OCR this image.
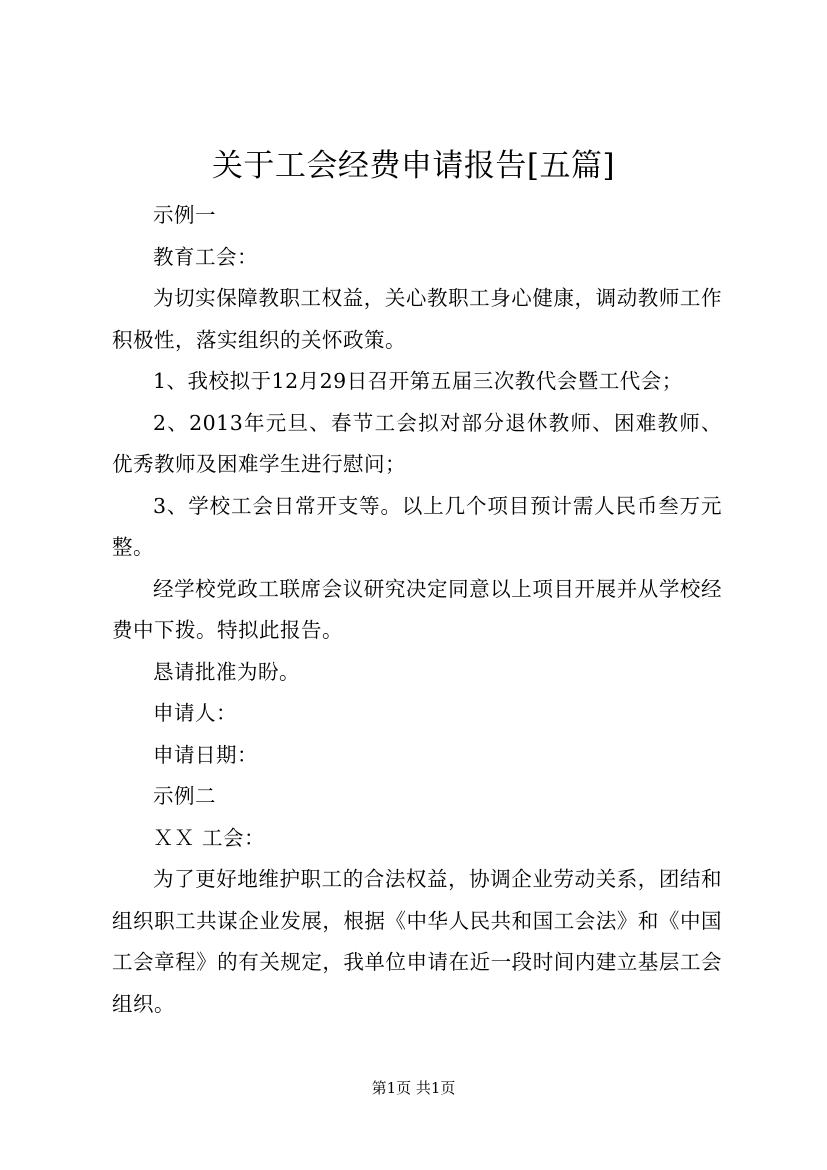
关于工会经费申请报告[五篇]

示例一

教育工会：

为切实保障教职工权益，关心教职工身心健康，调动教师工作积极性，落实组织的关怀政策。

1、我校拟于12月29日召开第五届三次教代会暨工代会；

2、2013年元旦、春节工会拟对部分退休教师、困难教师、优秀教师及困难学生进行慰问；

3、学校工会日常开支等。以上几个项目预计需人民币叁万元整。

经学校党政工联席会议研究决定同意以上项目开展并从学校经费中下拨。特拟此报告。

恳请批准为盼。

申请人：

申请日期：

示例二

ＸＸ 工会：

为了更好地维护职工的合法权益，协调企业劳动关系，团结和组织职工共谋企业发展，根据《中华人民共和国工会法》和《中国工会章程》的有关规定，我单位申请在近一段时间内建立基层工会组织。

第1页 共1页
